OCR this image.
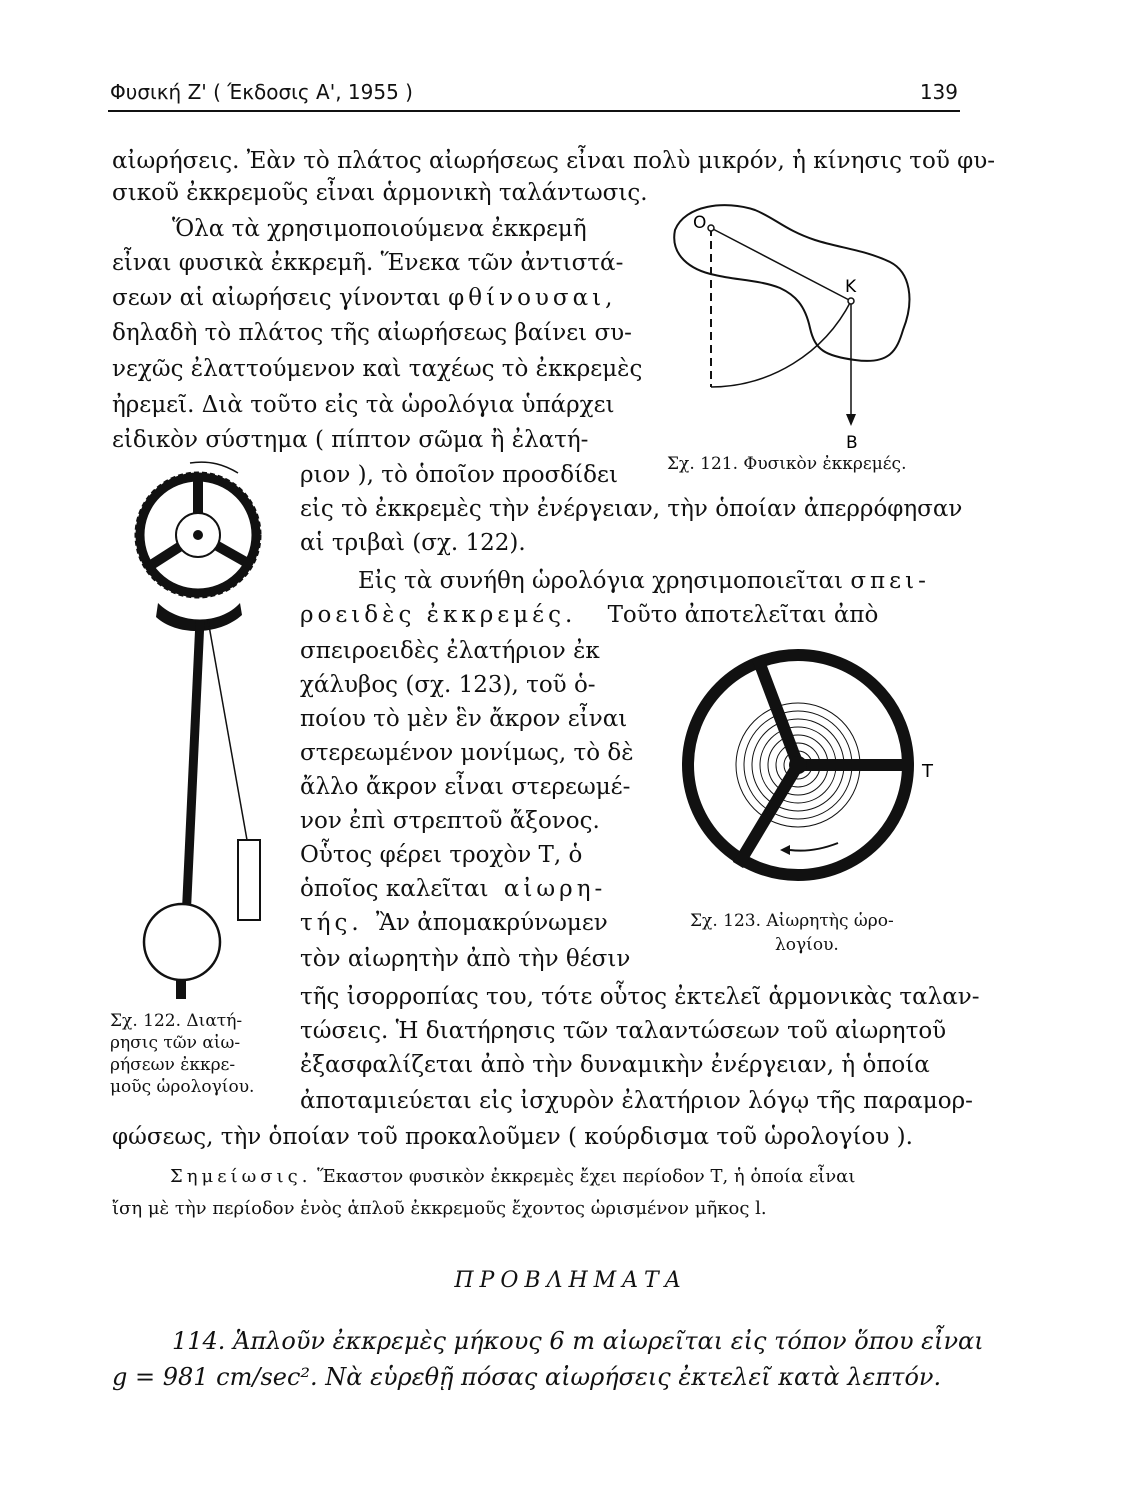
Φυσική Ζ' ( Έκδοσις Α', 1955 )	139
αἰωρήσεις. Ἐὰν τὸ πλάτος αἰωρήσεως εἶναι πολὺ μικρόν, ἡ κίνησις τοῦ φυ-
σικοῦ ἐκκρεμοῦς εἶναι ἁρμονικὴ ταλάντωσις.
Ὅλα τὰ χρησιμοποιούμενα ἐκκρεμῆ
εἶναι φυσικὰ ἐκκρεμῆ. Ἕνεκα τῶν ἀντιστά-
σεων αἱ αἰωρήσεις γίνονται φθίνουσαι,
δηλαδὴ τὸ πλάτος τῆς αἰωρήσεως βαίνει συ-
νεχῶς ἐλαττούμενον καὶ ταχέως τὸ ἐκκρεμὲς
ἠρεμεῖ. Διὰ τοῦτο εἰς τὰ ὡρολόγια ὑπάρχει
εἰδικὸν σύστημα ( πίπτον σῶμα ἢ ἐλατή-
ριον ), τὸ ὁποῖον προσδίδει
εἰς τὸ ἐκκρεμὲς τὴν ἐνέργειαν, τὴν ὁποίαν ἀπερρόφησαν
αἱ τριβαὶ (σχ. 122).
Εἰς τὰ συνήθη ὡρολόγια χρησιμοποιεῖται σπει-
ροειδὲς ἐκκρεμές. Τοῦτο ἀποτελεῖται ἀπὸ
σπειροειδὲς ἐλατήριον ἐκ
χάλυβος (σχ. 123), τοῦ ὁ-
ποίου τὸ μὲν ἓν ἄκρον εἶναι
στερεωμένον μονίμως, τὸ δὲ
ἄλλο ἄκρον εἶναι στερεωμέ-
νον ἐπὶ στρεπτοῦ ἄξονος.
Οὗτος φέρει τροχὸν Τ, ὁ
ὁποῖος καλεῖται αἰωρη-
τής. Ἂν ἀπομακρύνωμεν
τὸν αἰωρητὴν ἀπὸ τὴν θέσιν
τῆς ἰσορροπίας του, τότε οὗτος ἐκτελεῖ ἁρμονικὰς ταλαν-
τώσεις. Ἡ διατήρησις τῶν ταλαντώσεων τοῦ αἰωρητοῦ
ἐξασφαλίζεται ἀπὸ τὴν δυναμικὴν ἐνέργειαν, ἡ ὁποία
ἀποταμιεύεται εἰς ἰσχυρὸν ἐλατήριον λόγῳ τῆς παραμορ-
φώσεως, τὴν ὁποίαν τοῦ προκαλοῦμεν ( κούρδισμα τοῦ ὡρολογίου ).
O
K
B
Σχ. 121. Φυσικὸν ἐκκρεμές.
Σχ. 122. Διατή-
ρησις τῶν αἰω-
ρήσεων ἐκκρε-
μοῦς ὡρολογίου.
T
Σχ. 123. Αἰωρητὴς ὡρο-
λογίου.
Σημείωσις. Ἕκαστον φυσικὸν ἐκκρεμὲς ἔχει περίοδον Τ, ἡ ὁποία εἶναι
ἴση μὲ τὴν περίοδον ἑνὸς ἁπλοῦ ἐκκρεμοῦς ἔχοντος ὡρισμένον μῆκος l.
ΠΡΟΒΛΗΜΑΤΑ
114. Ἁπλοῦν ἐκκρεμὲς μήκους 6 m αἰωρεῖται εἰς τόπον ὅπου εἶναι
g = 981 cm/sec². Νὰ εὑρεθῇ πόσας αἰωρήσεις ἐκτελεῖ κατὰ λεπτόν.
